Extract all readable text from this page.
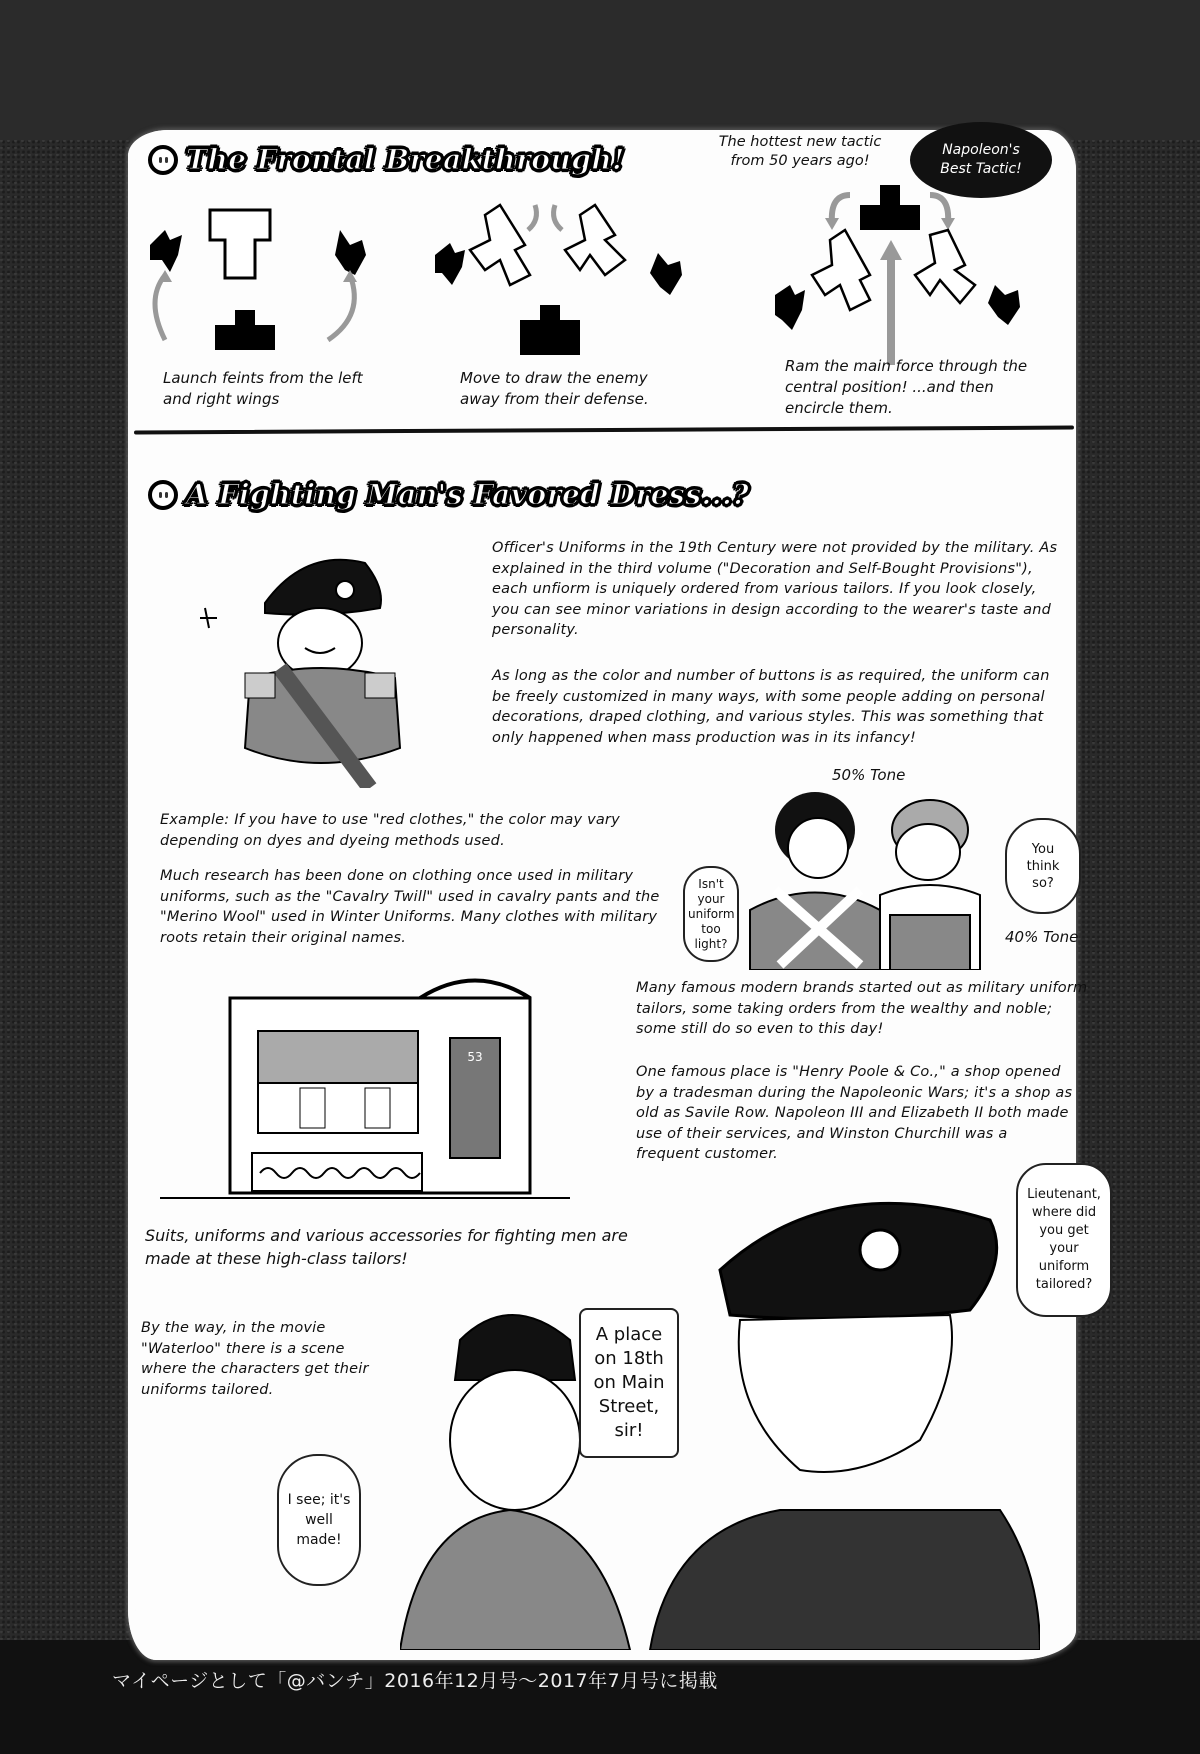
The Frontal Breakthrough!
The hottest new tactic from 50 years ago!
Napoleon's Best Tactic!
Launch feints from the left and right wings
Move to draw the enemy away from their defense.
Ram the main force through the central position! ...and then encircle them.
A Fighting Man's Favored Dress...?
Officer's Uniforms in the 19th Century were not provided by the military. As explained in the third volume ("Decoration and Self-Bought Provisions"), each unfiorm is uniquely ordered from various tailors. If you look closely, you can see minor variations in design according to the wearer's taste and personality.
As long as the color and number of buttons is as required, the uniform can be freely customized in many ways, with some people adding on personal decorations, draped clothing, and various styles. This was something that only happened when mass production was in its infancy!
Example: If you have to use "red clothes," the color may vary depending on dyes and dyeing methods used.
Much research has been done on clothing once used in military uniforms, such as the "Cavalry Twill" used in cavalry pants and the "Merino Wool" used in Winter Uniforms. Many clothes with military roots retain their original names.
50% Tone
40% Tone
Isn't your uniform too light?
You think so?
53
Many famous modern brands started out as military uniform tailors, some taking orders from the wealthy and noble; some still do so even to this day!
One famous place is "Henry Poole & Co.," a shop opened by a tradesman during the Napoleonic Wars; it's a shop as old as Savile Row. Napoleon III and Elizabeth II both made use of their services, and Winston Churchill was a frequent customer.
Suits, uniforms and various accessories for fighting men are made at these high-class tailors!
By the way, in the movie "Waterloo" there is a scene where the characters get their uniforms tailored.
Lieutenant, where did you get your uniform tailored?
A place on 18th on Main Street, sir!
I see; it's well made!
マイページとして「@バンチ」2016年12月号～2017年7月号に掲載
